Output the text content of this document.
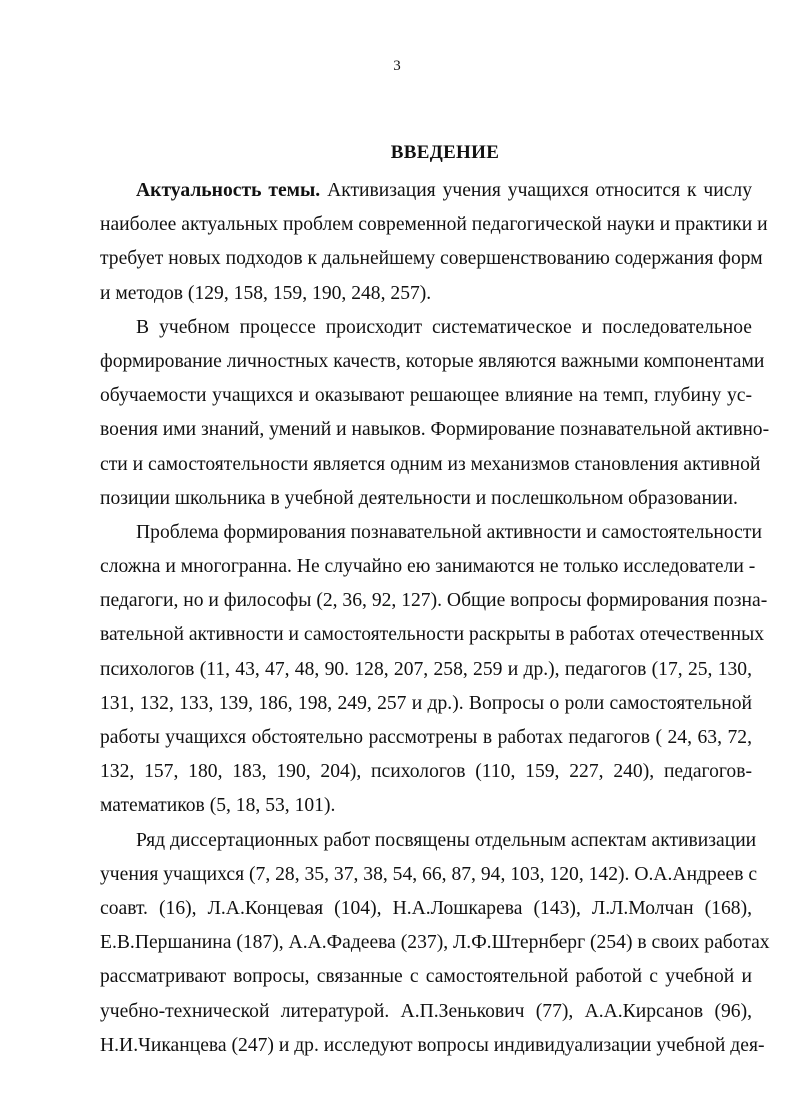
3
ВВЕДЕНИЕ
Актуальность темы. Активизация учения учащихся относится к числу
наиболее актуальных проблем современной педагогической науки и практики и
требует новых подходов к дальнейшему совершенствованию содержания форм
и методов (129, 158, 159, 190, 248, 257).
В учебном процессе происходит систематическое и последовательное
формирование личностных качеств, которые являются важными компонентами
обучаемости учащихся и оказывают решающее влияние на темп, глубину ус-
воения ими знаний, умений и навыков. Формирование познавательной активно-
сти и самостоятельности является одним из механизмов становления активной
позиции школьника в учебной деятельности и послешкольном образовании.
Проблема формирования познавательной активности и самостоятельности
сложна и многогранна. Не случайно ею занимаются не только исследователи -
педагоги, но и философы (2, 36, 92, 127). Общие вопросы формирования позна-
вательной активности и самостоятельности раскрыты в работах отечественных
психологов (11, 43, 47, 48, 90. 128, 207, 258, 259 и др.), педагогов (17, 25, 130,
131, 132, 133, 139, 186, 198, 249, 257 и др.). Вопросы о роли самостоятельной
работы учащихся обстоятельно рассмотрены в работах педагогов ( 24, 63, 72,
132, 157, 180, 183, 190, 204), психологов (110, 159, 227, 240), педагогов-
математиков (5, 18, 53, 101).
Ряд диссертационных работ посвящены отдельным аспектам активизации
учения учащихся (7, 28, 35, 37, 38, 54, 66, 87, 94, 103, 120, 142). О.А.Андреев с
соавт. (16), Л.А.Концевая (104), Н.А.Лошкарева (143), Л.Л.Молчан (168),
Е.В.Першанина (187), А.А.Фадеева (237), Л.Ф.Штернберг (254) в своих работах
рассматривают вопросы, связанные с самостоятельной работой с учебной и
учебно-технической литературой. А.П.Зенькович (77), А.А.Кирсанов (96),
Н.И.Чиканцева (247) и др. исследуют вопросы индивидуализации учебной дея-
